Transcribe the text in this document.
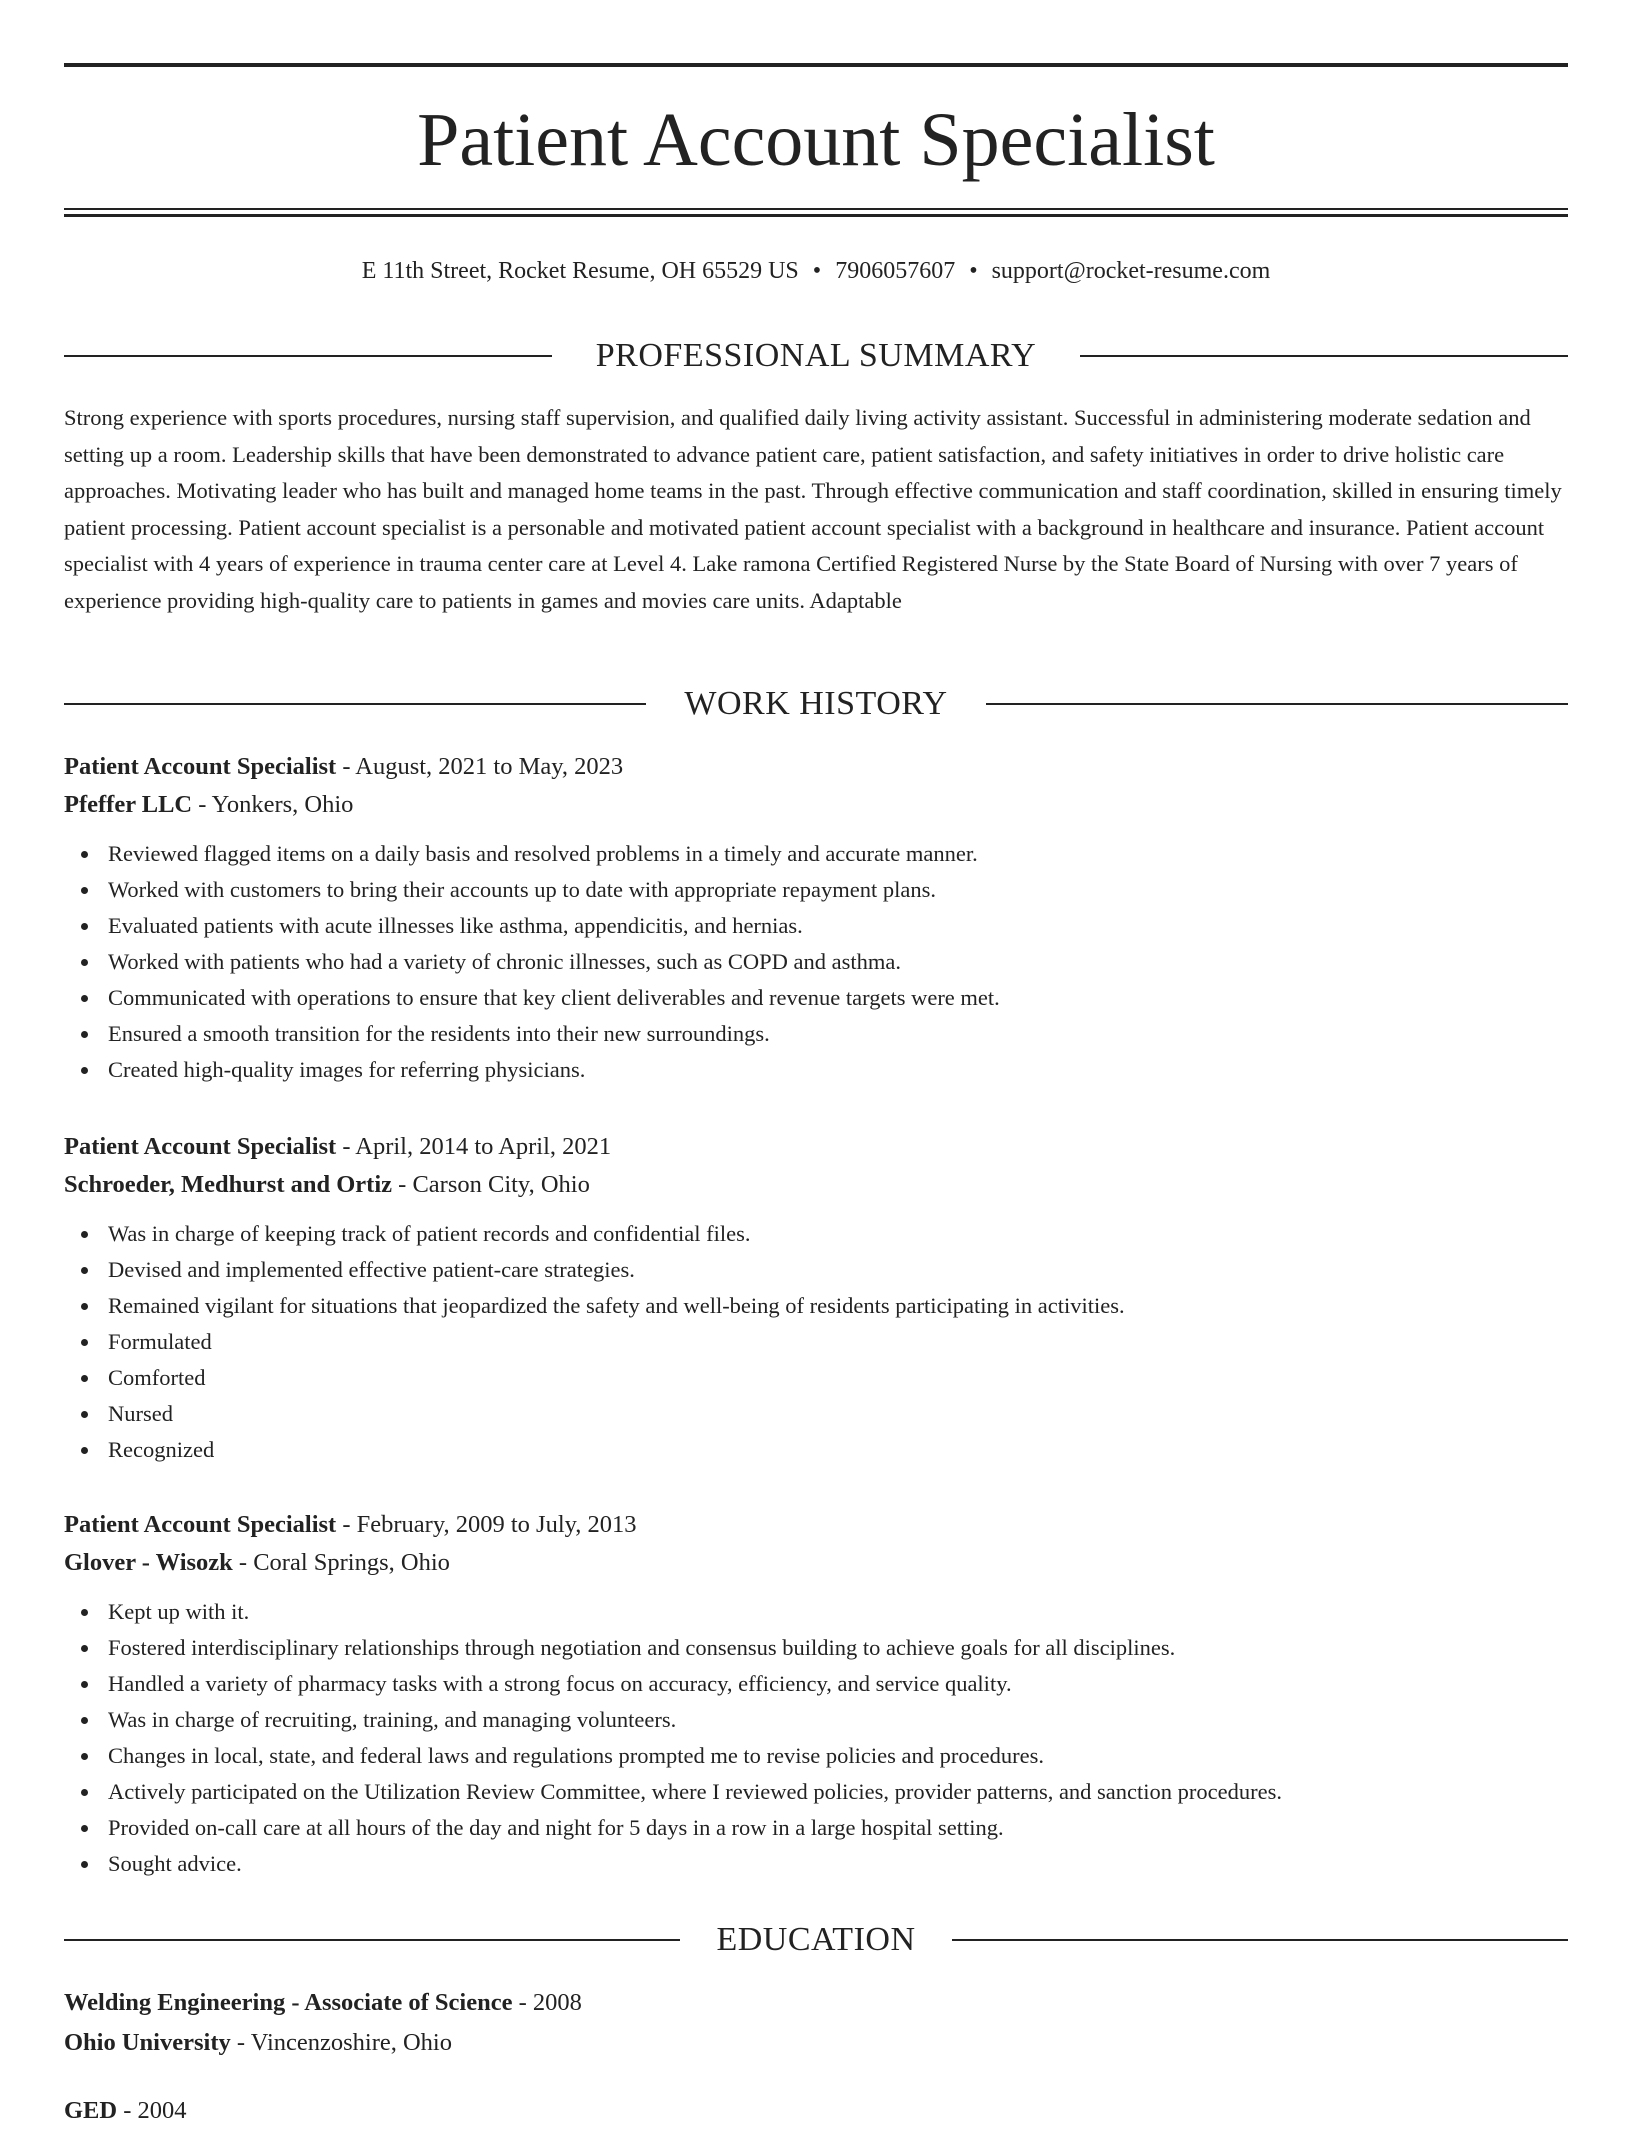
Patient Account Specialist
E 11th Street, Rocket Resume, OH 65529 US • 7906057607 • support@rocket-resume.com
PROFESSIONAL SUMMARY

Strong experience with sports procedures, nursing staff supervision, and qualified daily living activity assistant. Successful in administering moderate sedation and setting up a room. Leadership skills that have been demonstrated to advance patient care, patient satisfaction, and safety initiatives in order to drive holistic care approaches. Motivating leader who has built and managed home teams in the past. Through effective communication and staff coordination, skilled in ensuring timely patient processing. Patient account specialist is a personable and motivated patient account specialist with a background in healthcare and insurance. Patient account specialist with 4 years of experience in trauma center care at Level 4. Lake ramona Certified Registered Nurse by the State Board of Nursing with over 7 years of experience providing high-quality care to patients in games and movies care units. Adaptable

WORK HISTORY

Patient Account Specialist - August, 2021 to May, 2023

Pfeffer LLC - Yonkers, Ohio

Reviewed flagged items on a daily basis and resolved problems in a timely and accurate manner.
Worked with customers to bring their accounts up to date with appropriate repayment plans.
Evaluated patients with acute illnesses like asthma, appendicitis, and hernias.
Worked with patients who had a variety of chronic illnesses, such as COPD and asthma.
Communicated with operations to ensure that key client deliverables and revenue targets were met.
Ensured a smooth transition for the residents into their new surroundings.
Created high-quality images for referring physicians.

Patient Account Specialist - April, 2014 to April, 2021

Schroeder, Medhurst and Ortiz - Carson City, Ohio

Was in charge of keeping track of patient records and confidential files.
Devised and implemented effective patient-care strategies.
Remained vigilant for situations that jeopardized the safety and well-being of residents participating in activities.
Formulated
Comforted
Nursed
Recognized

Patient Account Specialist - February, 2009 to July, 2013

Glover - Wisozk - Coral Springs, Ohio

Kept up with it.
Fostered interdisciplinary relationships through negotiation and consensus building to achieve goals for all disciplines.
Handled a variety of pharmacy tasks with a strong focus on accuracy, efficiency, and service quality.
Was in charge of recruiting, training, and managing volunteers.
Changes in local, state, and federal laws and regulations prompted me to revise policies and procedures.
Actively participated on the Utilization Review Committee, where I reviewed policies, provider patterns, and sanction procedures.
Provided on-call care at all hours of the day and night for 5 days in a row in a large hospital setting.
Sought advice.
EDUCATION

Welding Engineering - Associate of Science - 2008

Ohio University - Vincenzoshire, Ohio

GED - 2004
